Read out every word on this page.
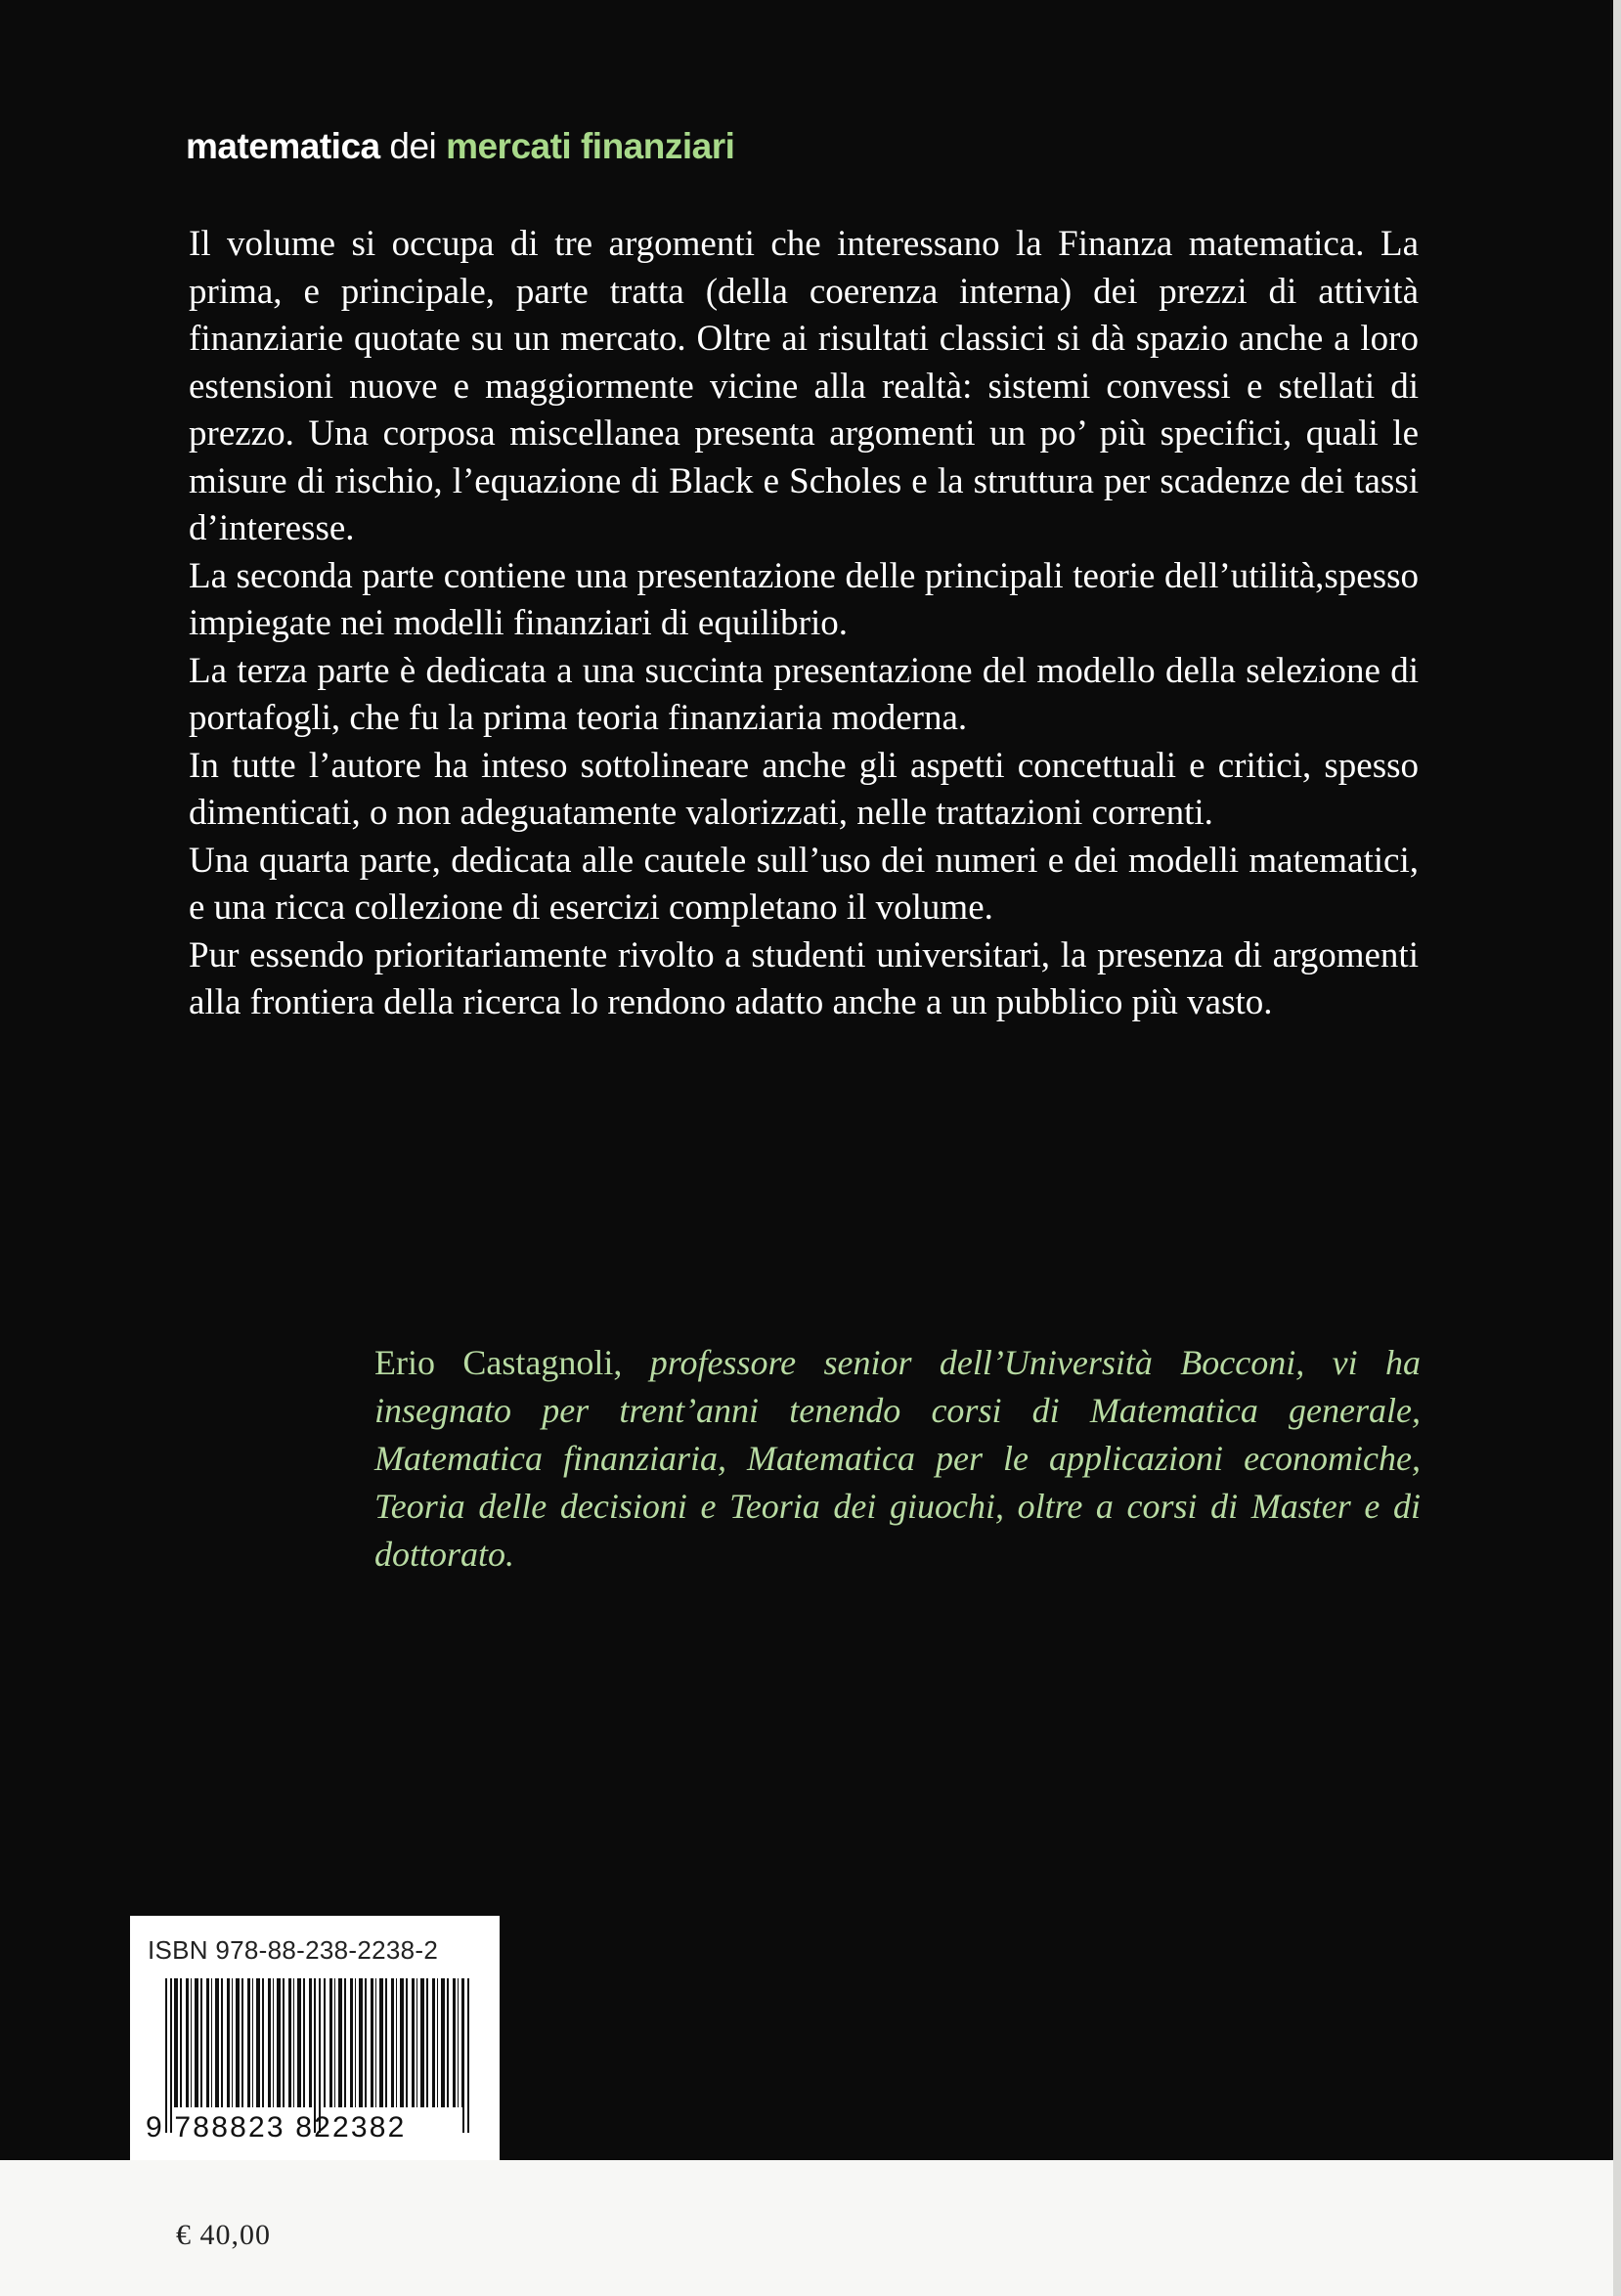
matematica dei mercati finanziari

Il volume si occupa di tre argomenti che interessano la Finanza matematica. La prima, e principale, parte tratta (della coerenza interna) dei prezzi di attività finanziarie quotate su un mercato. Oltre ai risultati classici si dà spazio anche a loro estensioni nuove e maggiormente vicine alla realtà: sistemi convessi e stellati di prezzo. Una corposa miscellanea presenta argomenti un po’ più specifici, quali le misure di rischio, l’equazione di Black e Scholes e la struttura per scadenze dei tassi d’interesse.

La seconda parte contiene una presentazione delle principali teorie dell’utilità,spesso impiegate nei modelli finanziari di equilibrio.

La terza parte è dedicata a una succinta presentazione del modello della selezione di portafogli, che fu la prima teoria finanziaria moderna.

In tutte l’autore ha inteso sottolineare anche gli aspetti concettuali e critici, spesso dimenticati, o non adeguatamente valorizzati, nelle trattazioni correnti.

Una quarta parte, dedicata alle cautele sull’uso dei numeri e dei modelli matematici, e una ricca collezione di esercizi completano il volume.

Pur essendo prioritariamente rivolto a studenti universitari, la presenza di argomenti alla frontiera della ricerca lo rendono adatto anche a un pubblico più vasto.

Erio Castagnoli, professore senior dell’Università Bocconi, vi ha insegnato per trent’anni tenendo corsi di Matematica generale, Matematica finanziaria, Matematica per le applicazioni economiche, Teoria delle decisioni e Teoria dei giuochi, oltre a corsi di Master e di dottorato.
ISBN 978-88-238-2238-2
9 788823 822382
€ 40,00
